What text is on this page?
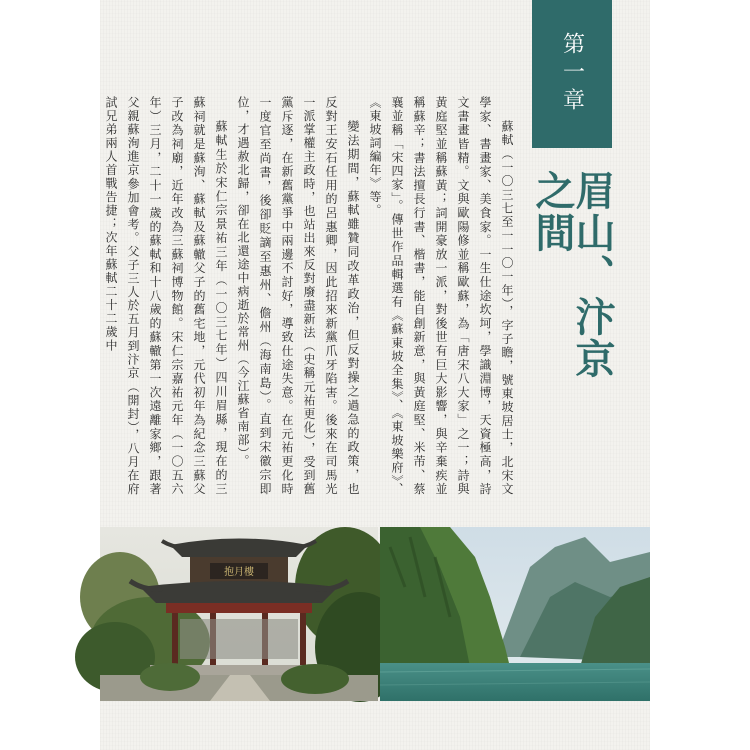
第一章
眉山、汴京之間

蘇軾（一〇三七至一一〇一年），字子瞻，號東坡居士，北宋文學家、書畫家、美食家。一生仕途坎坷，學識淵博，天資極高，詩文書畫皆精。文與歐陽修並稱歐蘇，為「唐宋八大家」之一；詩與黃庭堅並稱蘇黃；詞開豪放一派，對後世有巨大影響，與辛棄疾並稱蘇辛；書法擅長行書、楷書，能自創新意，與黃庭堅、米芾、蔡襄並稱「宋四家」。傳世作品輯選有《蘇東坡全集》、《東坡樂府》、《東坡詞編年》等。

變法期間，蘇軾雖贊同改革政治，但反對操之過急的政策，也反對王安石任用的呂惠卿，因此招來新黨爪牙陷害。後來在司馬光一派掌權主政時，也站出來反對廢盡新法（史稱元祐更化），受到舊黨斥逐，在新舊黨爭中兩邊不討好，導致仕途失意。在元祐更化時一度官至尚書，後卻貶謫至惠州、儋州（海南島）。直到宋徽宗即位，才遇赦北歸，卻在北還途中病逝於常州（今江蘇省南部）。

蘇軾生於宋仁宗景祐三年（一〇三七年）四川眉縣，現在的三蘇祠就是蘇洵、蘇軾及蘇轍父子的舊宅地，元代初年為紀念三蘇父子改為祠廟，近年改為三蘇祠博物館。宋仁宗嘉祐元年（一〇五六年）三月，二十一歲的蘇軾和十八歲的蘇轍第一次遠離家鄉，跟著父親蘇洵進京參加會考。父子三人於五月到汴京（開封），八月在府試兄弟兩人首戰告捷；次年蘇軾二十二歲中

抱月樓
